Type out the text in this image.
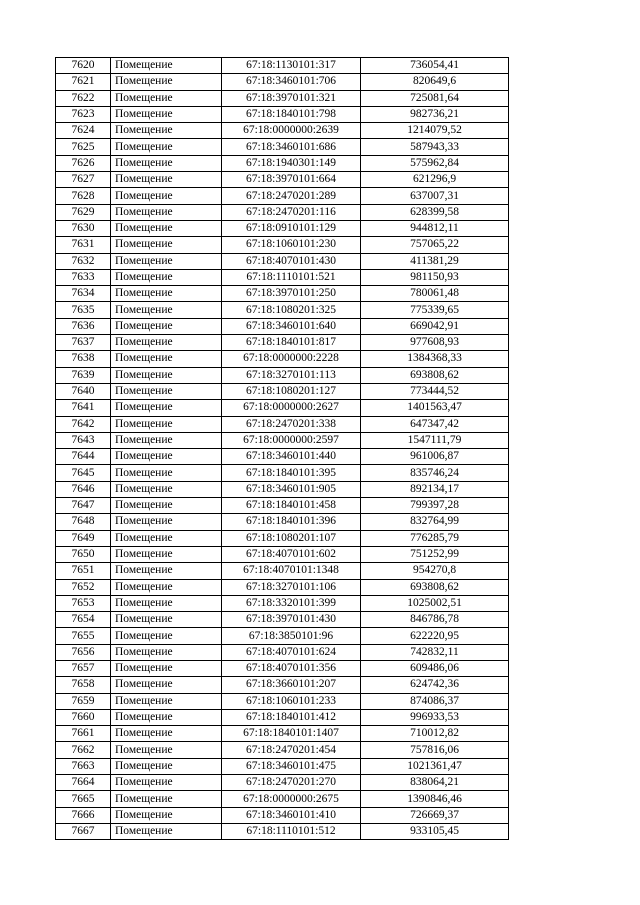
7620	Помещение	67:18:1130101:317	736054,41
7621	Помещение	67:18:3460101:706	820649,6
7622	Помещение	67:18:3970101:321	725081,64
7623	Помещение	67:18:1840101:798	982736,21
7624	Помещение	67:18:0000000:2639	1214079,52
7625	Помещение	67:18:3460101:686	587943,33
7626	Помещение	67:18:1940301:149	575962,84
7627	Помещение	67:18:3970101:664	621296,9
7628	Помещение	67:18:2470201:289	637007,31
7629	Помещение	67:18:2470201:116	628399,58
7630	Помещение	67:18:0910101:129	944812,11
7631	Помещение	67:18:1060101:230	757065,22
7632	Помещение	67:18:4070101:430	411381,29
7633	Помещение	67:18:1110101:521	981150,93
7634	Помещение	67:18:3970101:250	780061,48
7635	Помещение	67:18:1080201:325	775339,65
7636	Помещение	67:18:3460101:640	669042,91
7637	Помещение	67:18:1840101:817	977608,93
7638	Помещение	67:18:0000000:2228	1384368,33
7639	Помещение	67:18:3270101:113	693808,62
7640	Помещение	67:18:1080201:127	773444,52
7641	Помещение	67:18:0000000:2627	1401563,47
7642	Помещение	67:18:2470201:338	647347,42
7643	Помещение	67:18:0000000:2597	1547111,79
7644	Помещение	67:18:3460101:440	961006,87
7645	Помещение	67:18:1840101:395	835746,24
7646	Помещение	67:18:3460101:905	892134,17
7647	Помещение	67:18:1840101:458	799397,28
7648	Помещение	67:18:1840101:396	832764,99
7649	Помещение	67:18:1080201:107	776285,79
7650	Помещение	67:18:4070101:602	751252,99
7651	Помещение	67:18:4070101:1348	954270,8
7652	Помещение	67:18:3270101:106	693808,62
7653	Помещение	67:18:3320101:399	1025002,51
7654	Помещение	67:18:3970101:430	846786,78
7655	Помещение	67:18:3850101:96	622220,95
7656	Помещение	67:18:4070101:624	742832,11
7657	Помещение	67:18:4070101:356	609486,06
7658	Помещение	67:18:3660101:207	624742,36
7659	Помещение	67:18:1060101:233	874086,37
7660	Помещение	67:18:1840101:412	996933,53
7661	Помещение	67:18:1840101:1407	710012,82
7662	Помещение	67:18:2470201:454	757816,06
7663	Помещение	67:18:3460101:475	1021361,47
7664	Помещение	67:18:2470201:270	838064,21
7665	Помещение	67:18:0000000:2675	1390846,46
7666	Помещение	67:18:3460101:410	726669,37
7667	Помещение	67:18:1110101:512	933105,45
